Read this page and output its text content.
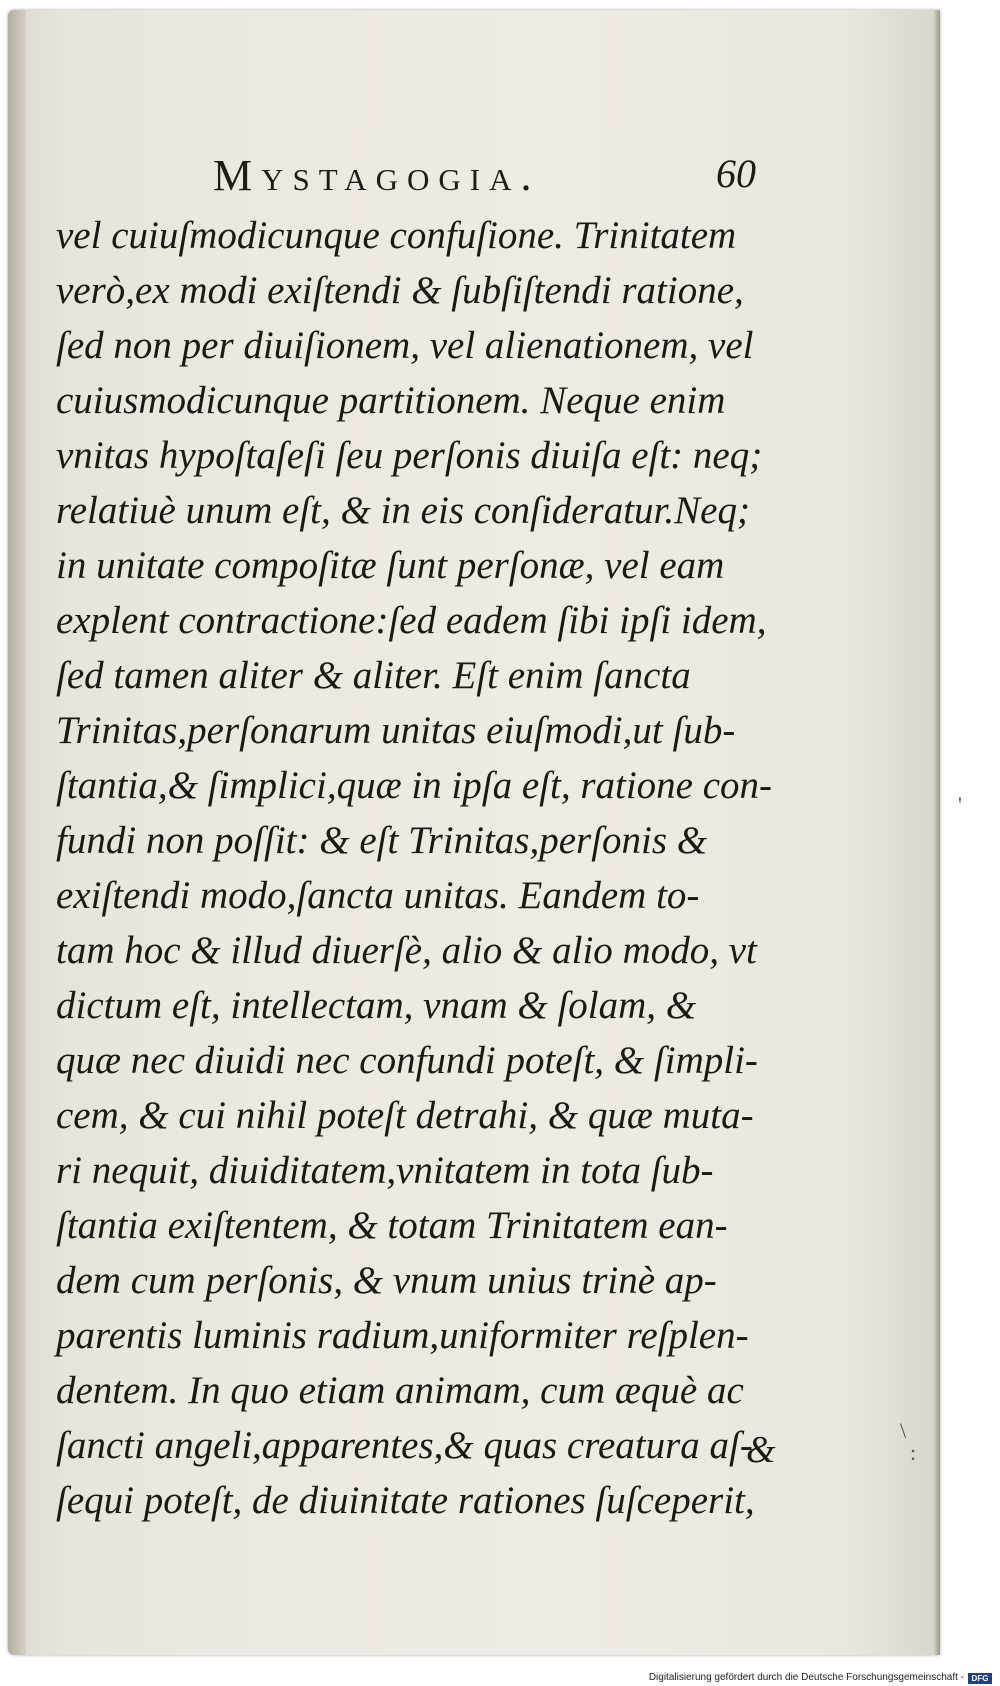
Mystagogia.	60
vel cuiuſmodicunque confuſione. Trinitatem
verò,ex modi exiſtendi & ſubſiſtendi ratione,
ſed non per diuiſionem, vel alienationem, vel
cuiusmodicunque partitionem. Neque enim
vnitas hypoſtaſeſi ſeu perſonis diuiſa eſt: neq;
relatiuè unum eſt, & in eis conſideratur.Neq;
in unitate compoſitæ ſunt perſonæ, vel eam
explent contractione:ſed eadem ſibi ipſi idem,
ſed tamen aliter & aliter. Eſt enim ſancta
Trinitas,perſonarum unitas eiuſmodi,ut ſub-
ſtantia,& ſimplici,quæ in ipſa eſt, ratione con-
fundi non poſſit: & eſt Trinitas,perſonis &
exiſtendi modo,ſancta unitas. Eandem to-
tam hoc & illud diuerſè, alio & alio modo, vt
dictum eſt, intellectam, vnam & ſolam, &
quæ nec diuidi nec confundi poteſt, & ſimpli-
cem, & cui nihil poteſt detrahi, & quæ muta-
ri nequit, diuiditatem,vnitatem in tota ſub-
ſtantia exiſtentem, & totam Trinitatem ean-
dem cum perſonis, & vnum unius trinè ap-
parentis luminis radium,uniformiter reſplen-
dentem. In quo etiam animam, cum æquè ac
ſancti angeli,apparentes,& quas creatura aſ-
ſequi poteſt, de diuinitate rationes ſuſceperit,
&
'
\
:
Digitalisierung gefördert durch die Deutsche Forschungsgemeinschaft - DFG
